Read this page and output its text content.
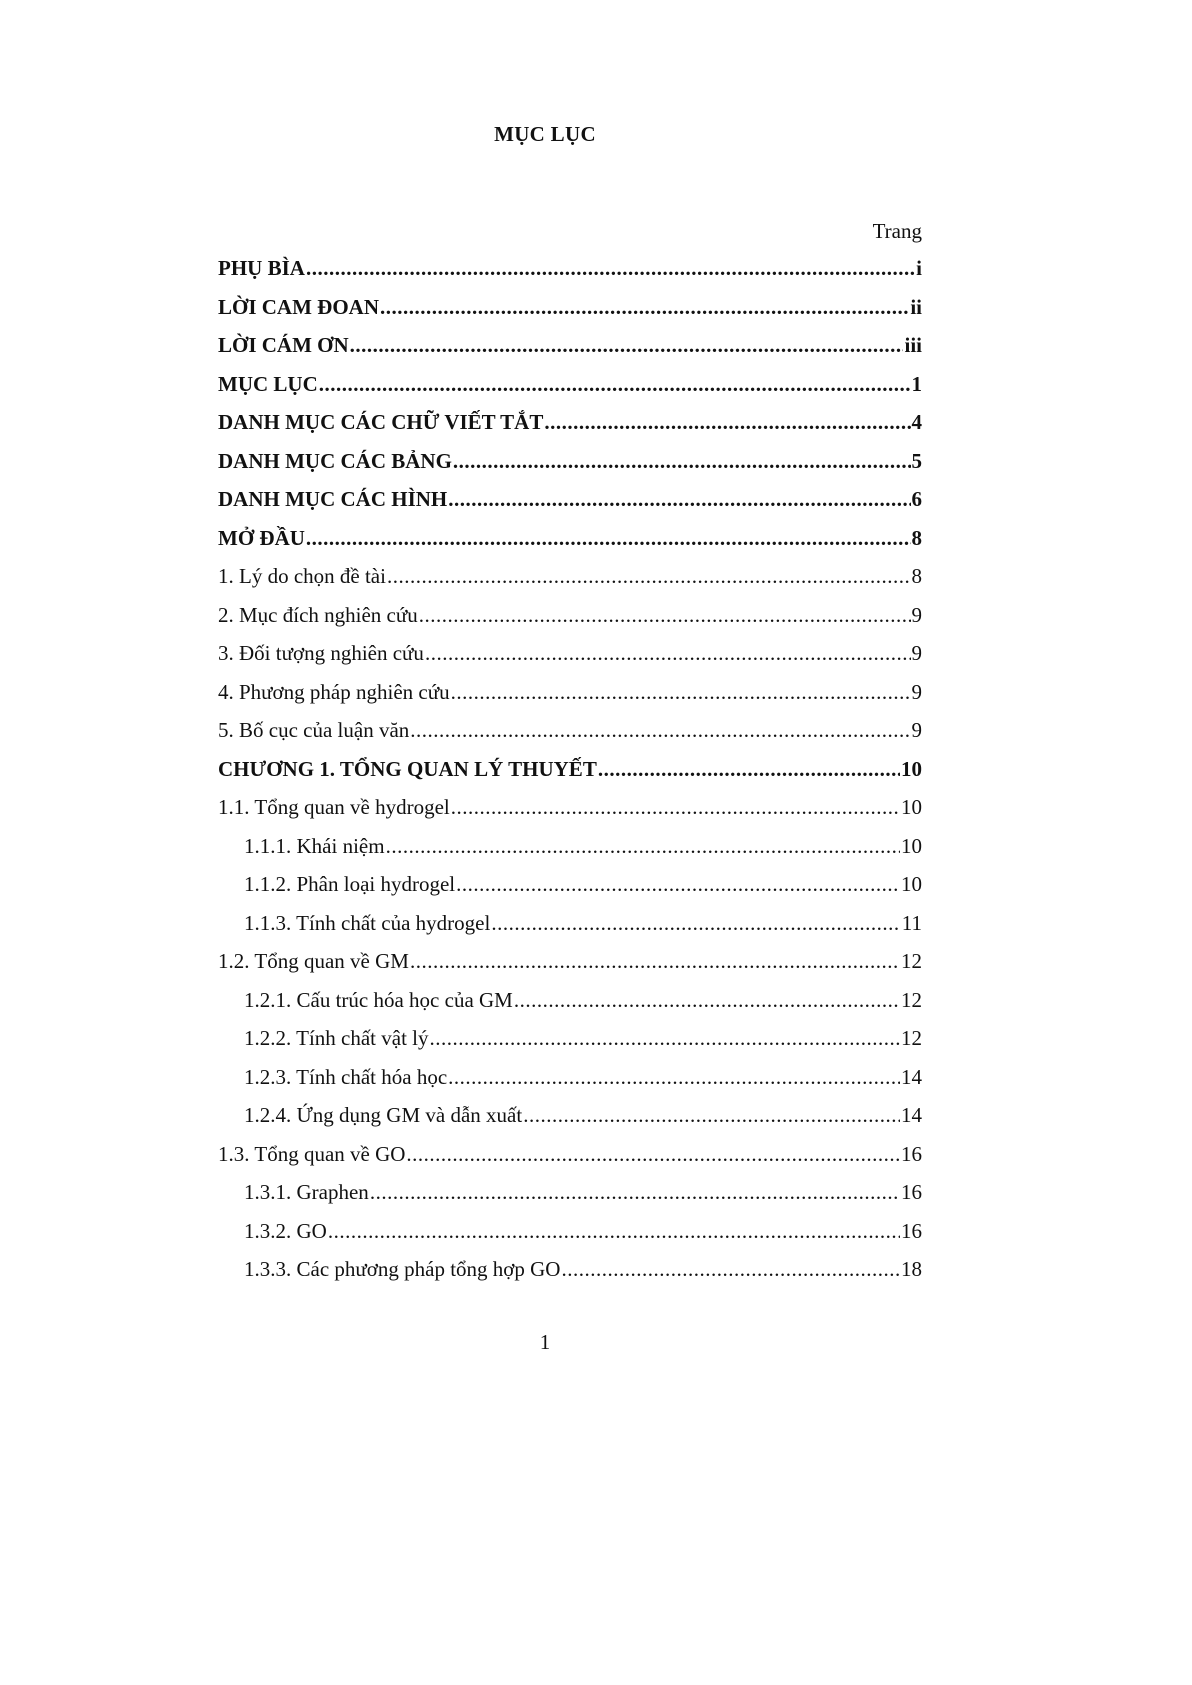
MỤC LỤC
Trang
PHỤ BÌA .....	i
LỜI CAM ĐOAN .....	ii
LỜI CÁM ƠN .....	iii
MỤC LỤC .....	1
DANH MỤC CÁC CHỮ VIẾT TẮT .....	4
DANH MỤC CÁC BẢNG .....	5
DANH MỤC CÁC HÌNH .....	6
MỞ ĐẦU .....	8
1. Lý do chọn đề tài .....	8
2. Mục đích nghiên cứu .....	9
3. Đối tượng nghiên cứu .....	9
4. Phương pháp nghiên cứu .....	9
5. Bố cục của luận văn .....	9
CHƯƠNG 1. TỔNG QUAN LÝ THUYẾT .....	10
1.1. Tổng quan về hydrogel .....	10
1.1.1. Khái niệm .....	10
1.1.2. Phân loại hydrogel .....	10
1.1.3. Tính chất của hydrogel .....	11
1.2. Tổng quan về GM .....	12
1.2.1. Cấu trúc hóa học của GM .....	12
1.2.2. Tính chất vật lý .....	12
1.2.3. Tính chất hóa học .....	14
1.2.4. Ứng dụng GM và dẫn xuất .....	14
1.3. Tổng quan về GO .....	16
1.3.1. Graphen .....	16
1.3.2. GO .....	16
1.3.3. Các phương pháp tổng hợp GO .....	18
1
